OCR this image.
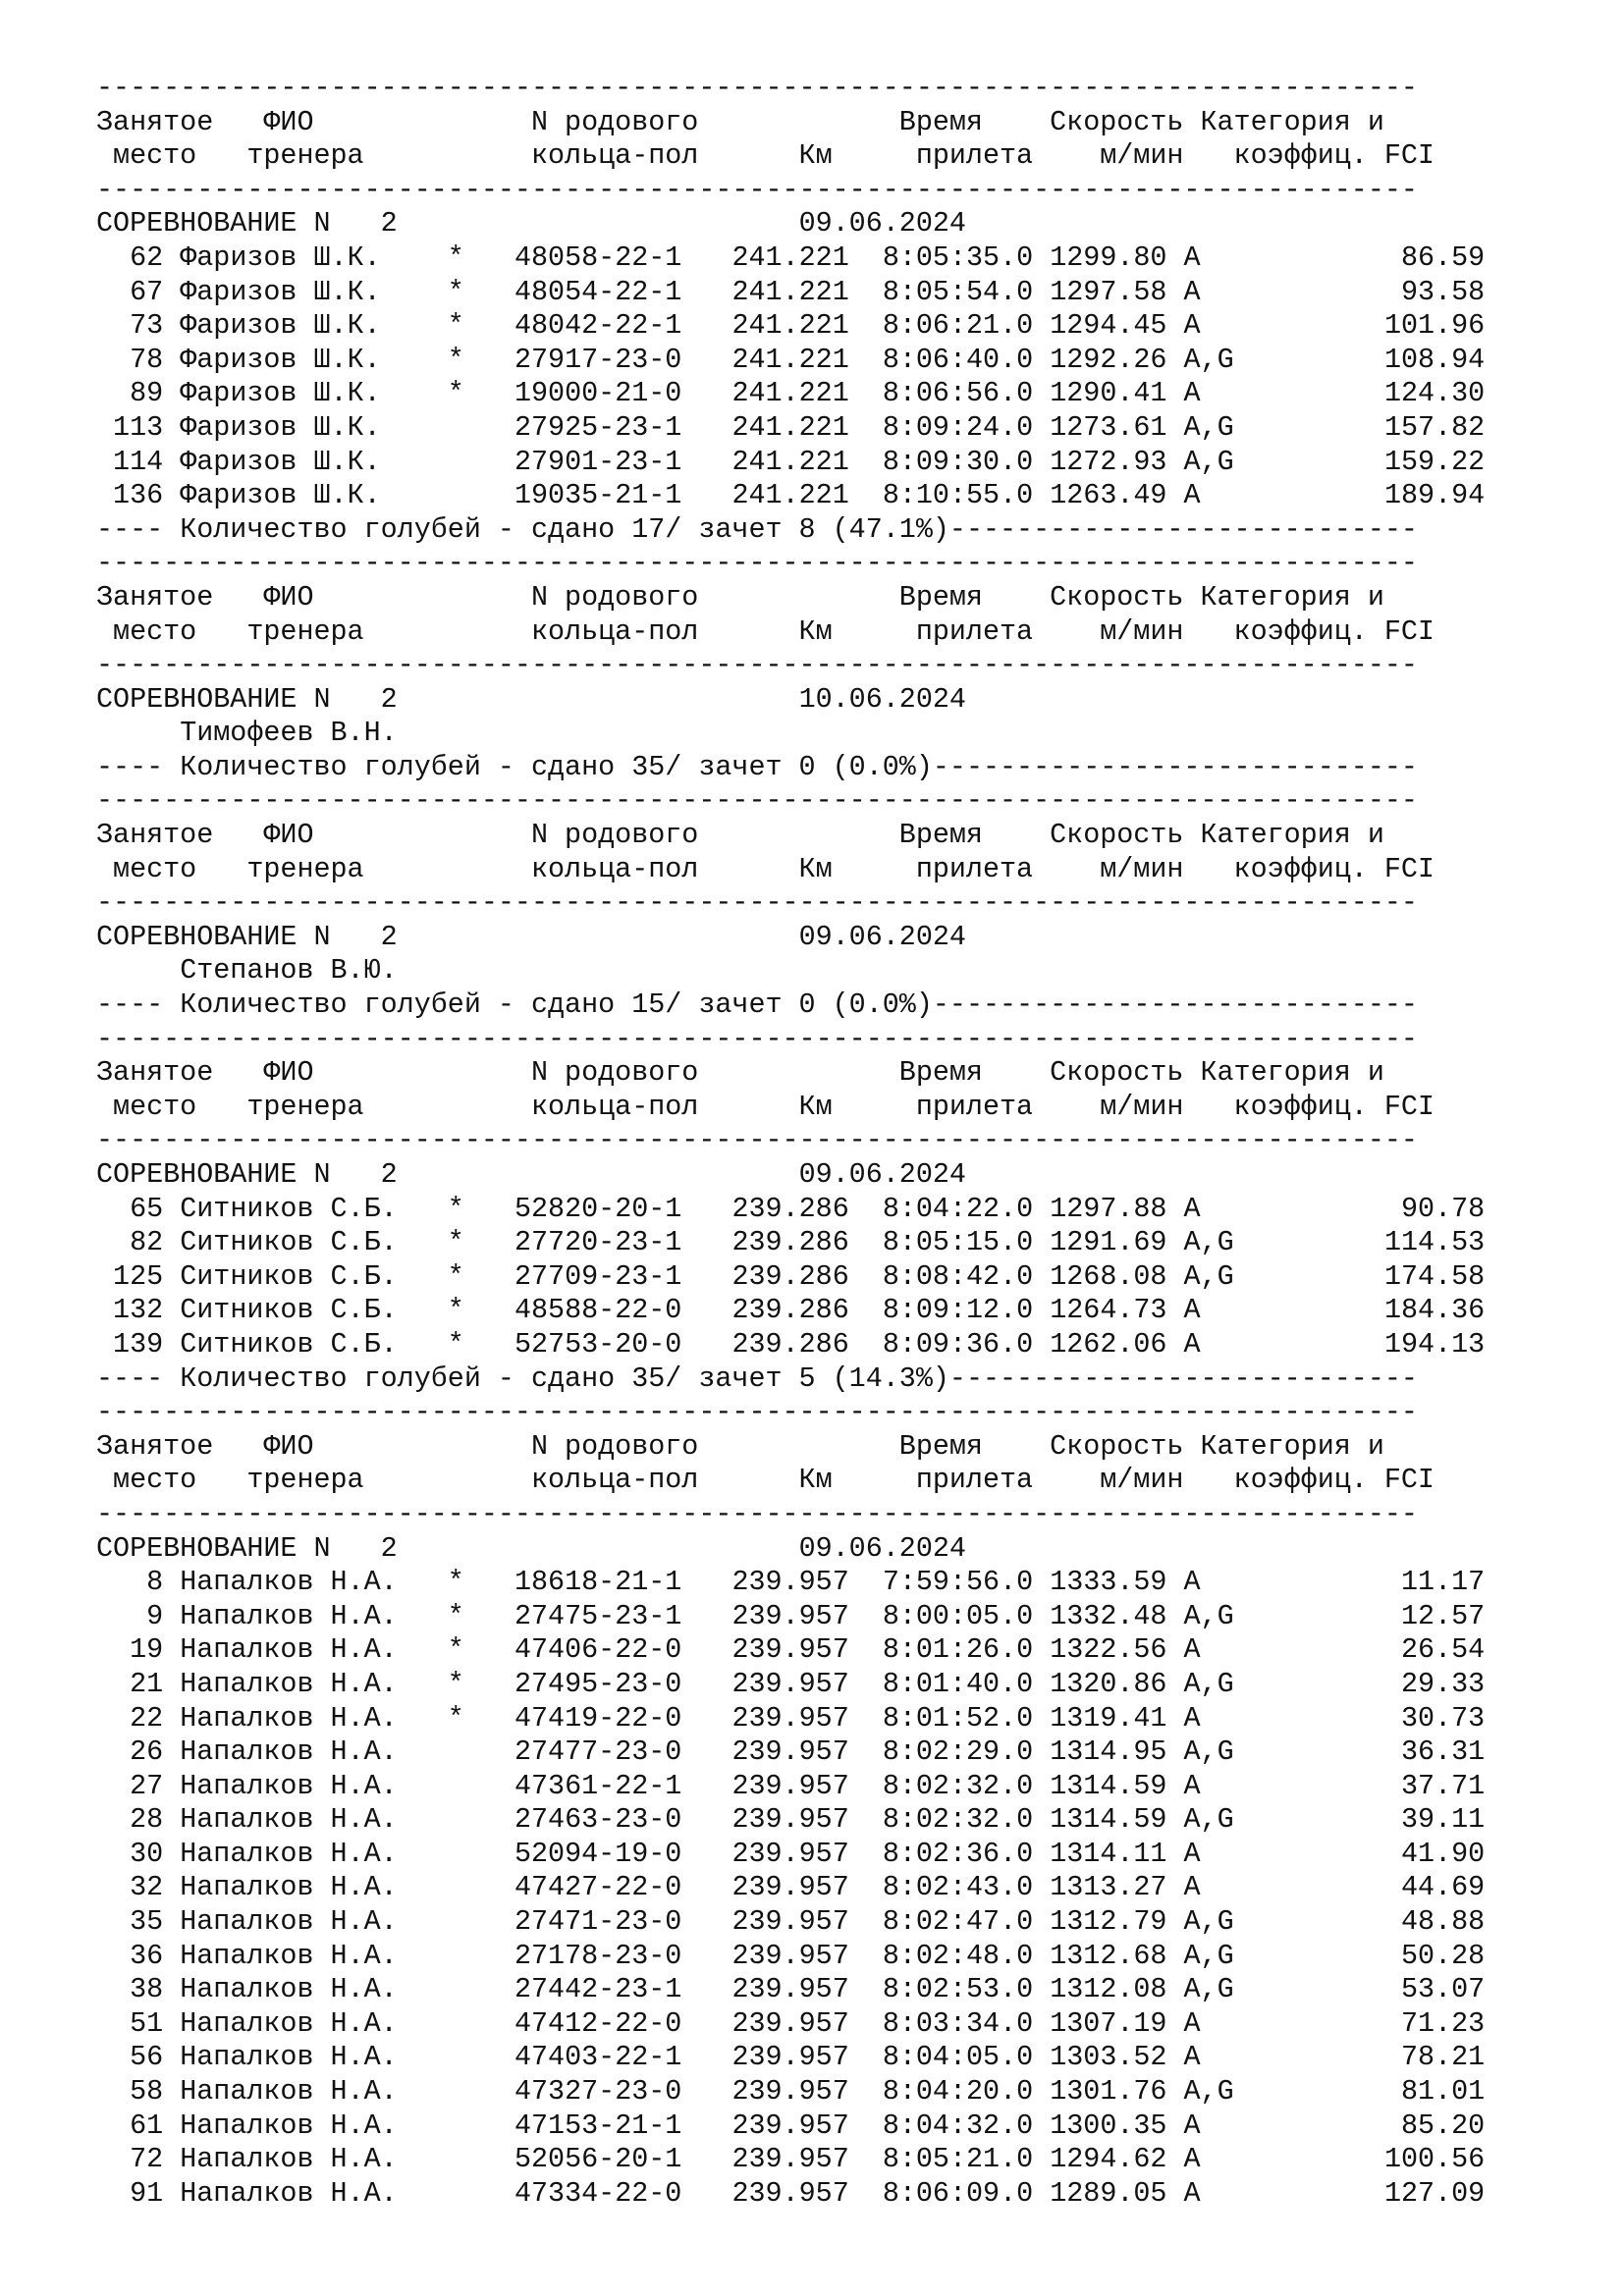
-------------------------------------------------------------------------------
Занятое   ФИО             N родового            Время    Скорость Категория и
место   тренера          кольца-пол      Км     прилета    м/мин   коэффиц. FCI
-------------------------------------------------------------------------------
СОРЕВНОВАНИЕ N   2                        09.06.2024
62 Фаризов Ш.К.    *   48058-22-1 241.221 8:05:35.0 1299.80 A            86.59
67 Фаризов Ш.К.    *   48054-22-1 241.221 8:05:54.0 1297.58 A            93.58
73 Фаризов Ш.К.    *   48042-22-1 241.221 8:06:21.0 1294.45 A           101.96
78 Фаризов Ш.К.    *   27917-23-0 241.221 8:06:40.0 1292.26 A,G         108.94
89 Фаризов Ш.К.    *   19000-21-0 241.221 8:06:56.0 1290.41 A           124.30
113 Фаризов Ш.К.	27925-23-1 241.221 8:09:24.0 1273.61 A,G         157.82
114 Фаризов Ш.К.	27901-23-1 241.221 8:09:30.0 1272.93 A,G         159.22
136 Фаризов Ш.К.	19035-21-1 241.221 8:10:55.0 1263.49 A           189.94
---- Количество голубей - сдано 17/ зачет 8 (47.1%)----------------------------
-------------------------------------------------------------------------------
Занятое   ФИО             N родового            Время    Скорость Категория и
место   тренера          кольца-пол      Км     прилета    м/мин   коэффиц. FCI
-------------------------------------------------------------------------------
СОРЕВНОВАНИЕ N   2                        10.06.2024
Тимофеев В.Н.
---- Количество голубей - сдано 35/ зачет 0 (0.0%)-----------------------------
-------------------------------------------------------------------------------
Занятое   ФИО             N родового            Время    Скорость Категория и
место   тренера          кольца-пол      Км     прилета    м/мин   коэффиц. FCI
-------------------------------------------------------------------------------
СОРЕВНОВАНИЕ N   2                        09.06.2024
Степанов В.Ю.
---- Количество голубей - сдано 15/ зачет 0 (0.0%)-----------------------------
-------------------------------------------------------------------------------
Занятое   ФИО             N родового            Время    Скорость Категория и
место   тренера          кольца-пол      Км     прилета    м/мин   коэффиц. FCI
-------------------------------------------------------------------------------
СОРЕВНОВАНИЕ N   2                        09.06.2024
65 Ситников С.Б.   *   52820-20-1 239.286 8:04:22.0 1297.88 A            90.78
82 Ситников С.Б.   *   27720-23-1 239.286 8:05:15.0 1291.69 A,G         114.53
125 Ситников С.Б.   *   27709-23-1 239.286 8:08:42.0 1268.08 A,G         174.58
132 Ситников С.Б.   *   48588-22-0 239.286 8:09:12.0 1264.73 A           184.36
139 Ситников С.Б.   *   52753-20-0 239.286 8:09:36.0 1262.06 A           194.13
---- Количество голубей - сдано 35/ зачет 5 (14.3%)----------------------------
-------------------------------------------------------------------------------
Занятое   ФИО             N родового            Время    Скорость Категория и
место   тренера          кольца-пол      Км     прилета    м/мин   коэффиц. FCI
-------------------------------------------------------------------------------
СОРЕВНОВАНИЕ N   2                        09.06.2024
8 Напалков Н.А.   *   18618-21-1 239.957 7:59:56.0 1333.59 A            11.17
9 Напалков Н.А.   *   27475-23-1 239.957 8:00:05.0 1332.48 A,G          12.57
19 Напалков Н.А.   *   47406-22-0 239.957 8:01:26.0 1322.56 A            26.54
21 Напалков Н.А.   *   27495-23-0 239.957 8:01:40.0 1320.86 A,G          29.33
22 Напалков Н.А.   *   47419-22-0 239.957 8:01:52.0 1319.41 A            30.73
26 Напалков Н.А.	27477-23-0 239.957 8:02:29.0 1314.95 A,G          36.31
27 Напалков Н.А.	47361-22-1 239.957 8:02:32.0 1314.59 A            37.71
28 Напалков Н.А.	27463-23-0 239.957 8:02:32.0 1314.59 A,G          39.11
30 Напалков Н.А.	52094-19-0 239.957 8:02:36.0 1314.11 A            41.90
32 Напалков Н.А.	47427-22-0 239.957 8:02:43.0 1313.27 A            44.69
35 Напалков Н.А.	27471-23-0 239.957 8:02:47.0 1312.79 A,G          48.88
36 Напалков Н.А.	27178-23-0 239.957 8:02:48.0 1312.68 A,G          50.28
38 Напалков Н.А.	27442-23-1 239.957 8:02:53.0 1312.08 A,G          53.07
51 Напалков Н.А.	47412-22-0 239.957 8:03:34.0 1307.19 A            71.23
56 Напалков Н.А.	47403-22-1 239.957 8:04:05.0 1303.52 A            78.21
58 Напалков Н.А.	47327-23-0 239.957 8:04:20.0 1301.76 A,G          81.01
61 Напалков Н.А.	47153-21-1 239.957 8:04:32.0 1300.35 A            85.20
72 Напалков Н.А.	52056-20-1 239.957 8:05:21.0 1294.62 A           100.56
91 Напалков Н.А.	47334-22-0 239.957 8:06:09.0 1289.05 A           127.09
